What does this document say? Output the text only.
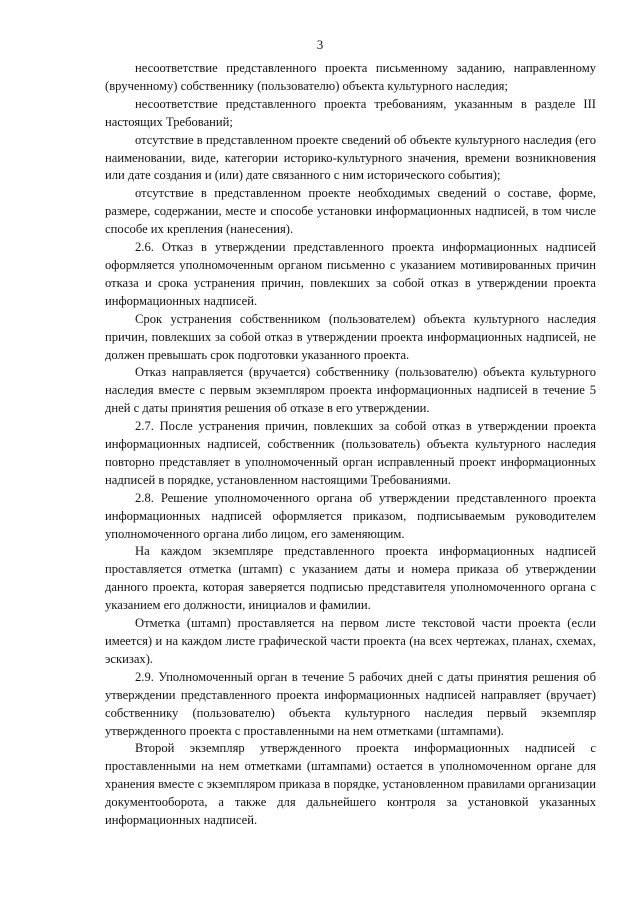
3

несоответствие представленного проекта письменному заданию, направленному (врученному) собственнику (пользователю) объекта культурного наследия;

несоответствие представленного проекта требованиям, указанным в разделе III настоящих Требований;

отсутствие в представленном проекте сведений об объекте культурного наследия (его наименовании, виде, категории историко-культурного значения, времени возникновения или дате создания и (или) дате связанного с ним исторического события);

отсутствие в представленном проекте необходимых сведений о составе, форме, размере, содержании, месте и способе установки информационных надписей, в том числе способе их крепления (нанесения).

2.6. Отказ в утверждении представленного проекта информационных надписей оформляется уполномоченным органом письменно с указанием мотивированных причин отказа и срока устранения причин, повлекших за собой отказ в утверждении проекта информационных надписей.

Срок устранения собственником (пользователем) объекта культурного наследия причин, повлекших за собой отказ в утверждении проекта информационных надписей, не должен превышать срок подготовки указанного проекта.

Отказ направляется (вручается) собственнику (пользователю) объекта культурного наследия вместе с первым экземпляром проекта информационных надписей в течение 5 дней с даты принятия решения об отказе в его утверждении.

2.7. После устранения причин, повлекших за собой отказ в утверждении проекта информационных надписей, собственник (пользователь) объекта культурного наследия повторно представляет в уполномоченный орган исправленный проект информационных надписей в порядке, установленном настоящими Требованиями.

2.8. Решение уполномоченного органа об утверждении представленного проекта информационных надписей оформляется приказом, подписываемым руководителем уполномоченного органа либо лицом, его заменяющим.

На каждом экземпляре представленного проекта информационных надписей проставляется отметка (штамп) с указанием даты и номера приказа об утверждении данного проекта, которая заверяется подписью представителя уполномоченного органа с указанием его должности, инициалов и фамилии.

Отметка (штамп) проставляется на первом листе текстовой части проекта (если имеется) и на каждом листе графической части проекта (на всех чертежах, планах, схемах, эскизах).

2.9. Уполномоченный орган в течение 5 рабочих дней с даты принятия решения об утверждении представленного проекта информационных надписей направляет (вручает) собственнику (пользователю) объекта культурного наследия первый экземпляр утвержденного проекта с проставленными на нем отметками (штампами).

Второй экземпляр утвержденного проекта информационных надписей с проставленными на нем отметками (штампами) остается в уполномоченном органе для хранения вместе с экземпляром приказа в порядке, установленном правилами организации документооборота, а также для дальнейшего контроля за установкой указанных информационных надписей.
